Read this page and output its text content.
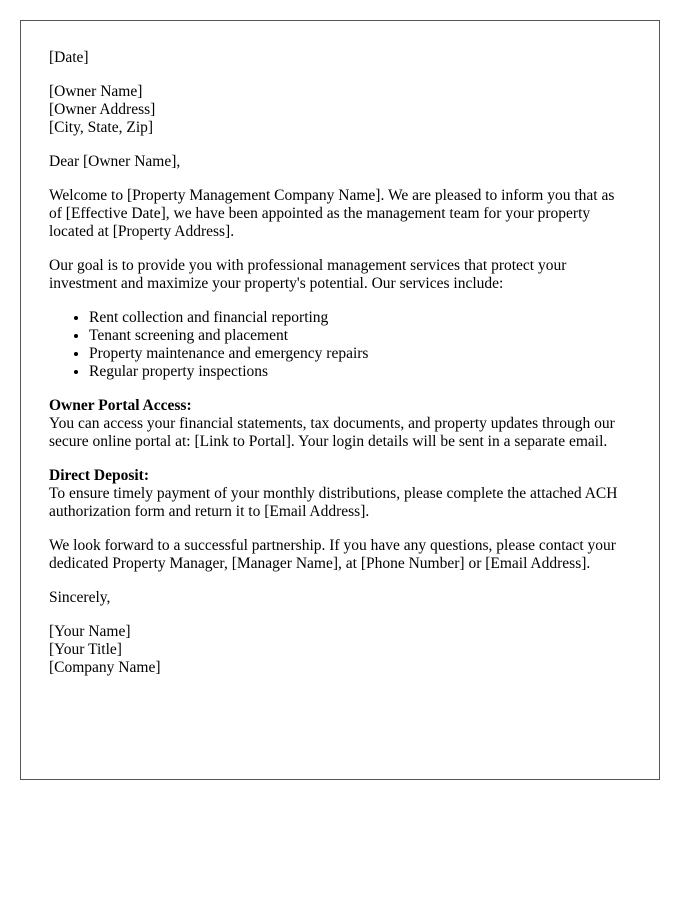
[Date]

[Owner Name]
[Owner Address]
[City, State, Zip]

Dear [Owner Name],

Welcome to [Property Management Company Name]. We are pleased to inform you that as of [Effective Date], we have been appointed as the management team for your property located at [Property Address].

Our goal is to provide you with professional management services that protect your investment and maximize your property's potential. Our services include:

• Rent collection and financial reporting
• Tenant screening and placement
• Property maintenance and emergency repairs
• Regular property inspections
Owner Portal Access:
You can access your financial statements, tax documents, and property updates through our secure online portal at: [Link to Portal]. Your login details will be sent in a separate email.
Direct Deposit:
To ensure timely payment of your monthly distributions, please complete the attached ACH authorization form and return it to [Email Address].

We look forward to a successful partnership. If you have any questions, please contact your dedicated Property Manager, [Manager Name], at [Phone Number] or [Email Address].

Sincerely,

[Your Name]
[Your Title]
[Company Name]
